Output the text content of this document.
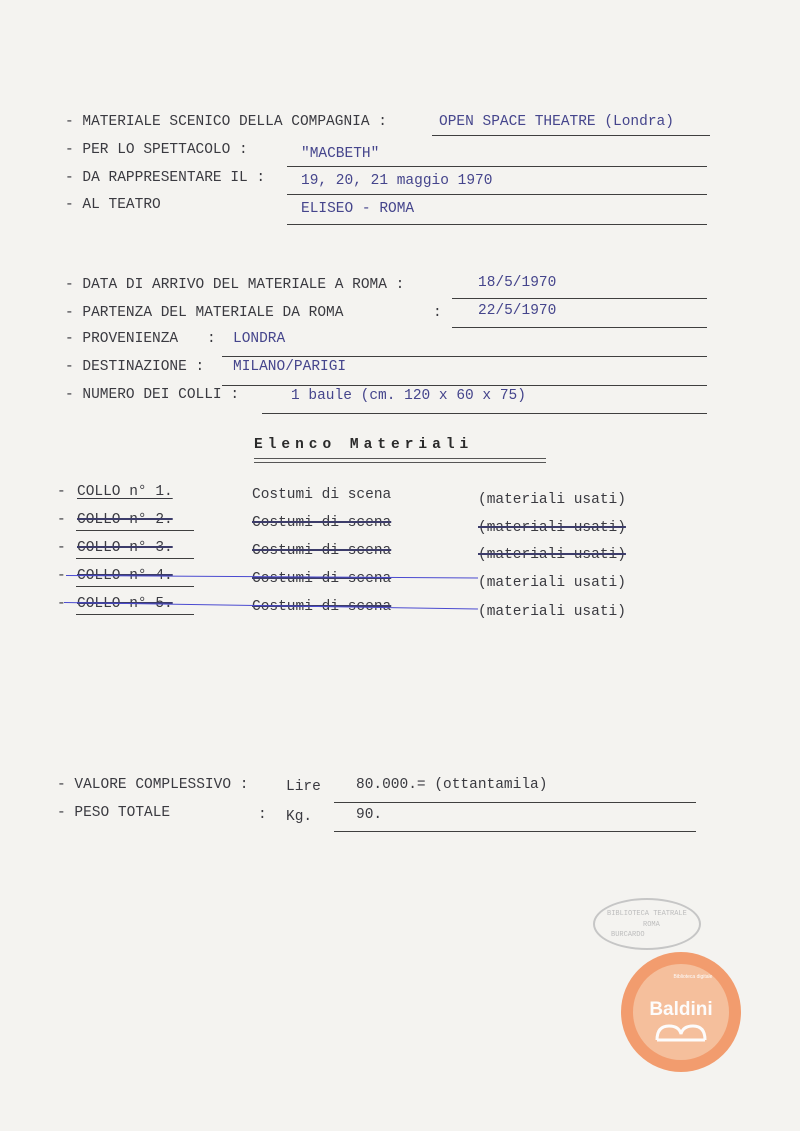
- MATERIALE SCENICO DELLA COMPAGNIA :	OPEN SPACE THEATRE (Londra)
- PER LO SPETTACOLO :	"MACBETH"
- DA RAPPRESENTARE IL : 19, 20, 21 maggio 1970
- AL TEATRO	ELISEO - ROMA
- DATA DI ARRIVO DEL MATERIALE A ROMA :	18/5/1970
- PARTENZA DEL MATERIALE DA ROMA	:	22/5/1970
- PROVENIENZA : LONDRA
- DESTINAZIONE : MILANO/PARIGI
- NUMERO DEI COLLI :	1 baule (cm. 120 x 60 x 75)
Elenco Materiali
- COLLO n° 1.	Costumi di scena	(materiali usati)
- COLLO n° 2.	Costumi di scena	(materiali usati)
- COLLO n° 3.	Costumi di scena	(materiali usati)
- COLLO n° 4.	Costumi di scena	(materiali usati)
- COLLO n° 5.	Costumi di scena	(materiali usati)
- VALORE COMPLESSIVO :	Lire 80.000.= (ottantamila)
- PESO TOTALE	: Kg.	90.
BIBLIOTECA TEATRALE
ROMA
BURCARDO
Biblioteca digitale
Baldini
